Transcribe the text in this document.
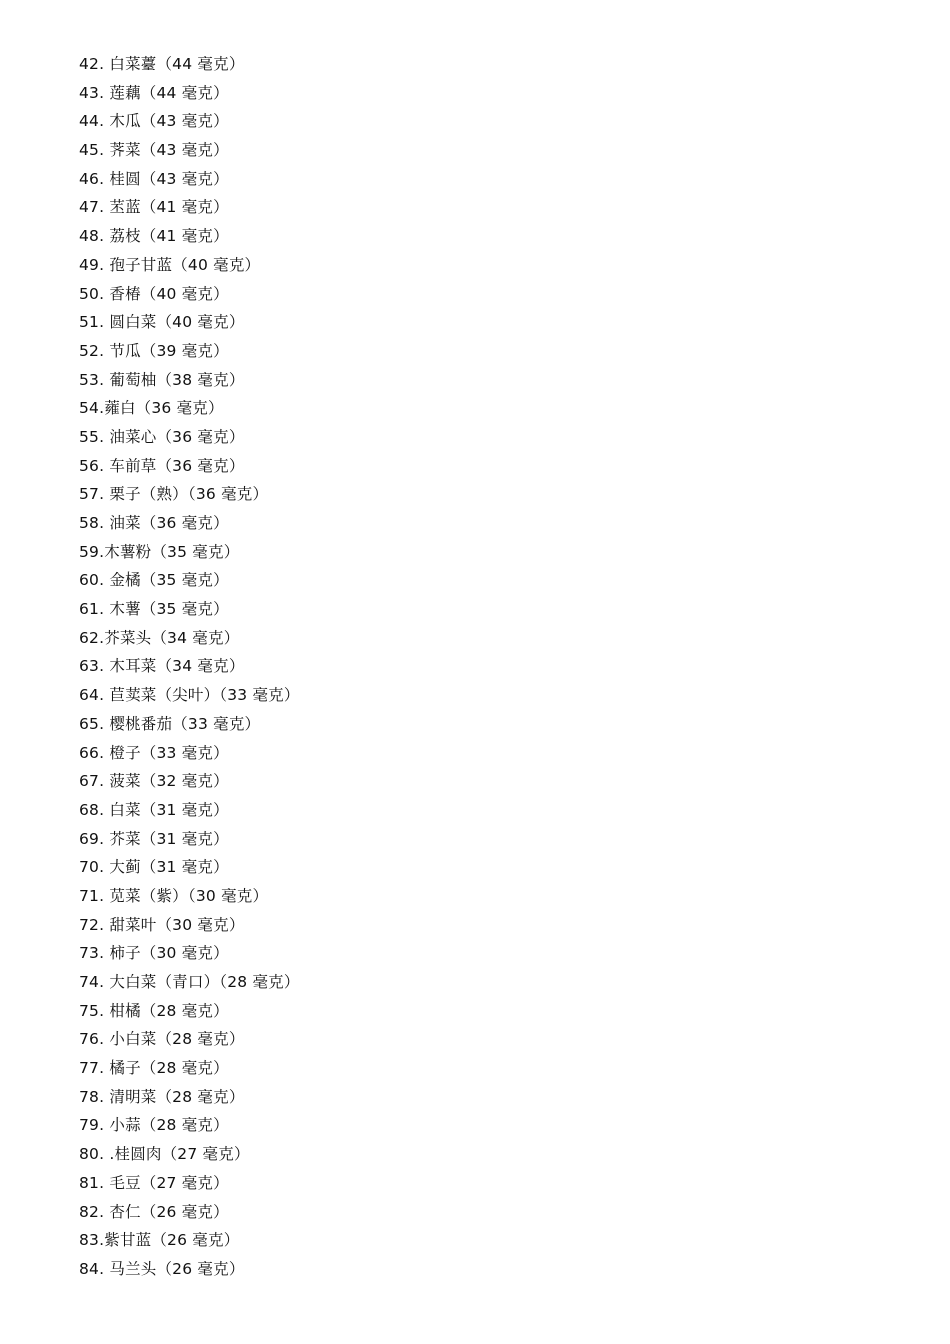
42. 白菜薹（44 毫克）
43. 莲藕（44 毫克）
44. 木瓜（43 毫克）
45. 荠菜（43 毫克）
46. 桂圆（43 毫克）
47. 苤蓝（41 毫克）
48. 荔枝（41 毫克）
49. 孢子甘蓝（40 毫克）
50. 香椿（40 毫克）
51. 圆白菜（40 毫克）
52. 节瓜（39 毫克）
53. 葡萄柚（38 毫克）
54.蕹白（36 毫克）
55. 油菜心（36 毫克）
56. 车前草（36 毫克）
57. 栗子（熟）（36 毫克）
58. 油菜（36 毫克）
59.木薯粉（35 毫克）
60. 金橘（35 毫克）
61. 木薯（35 毫克）
62.芥菜头（34 毫克）
63. 木耳菜（34 毫克）
64. 苣荬菜（尖叶）（33 毫克）
65. 樱桃番茄（33 毫克）
66. 橙子（33 毫克）
67. 菠菜（32 毫克）
68. 白菜（31 毫克）
69. 芥菜（31 毫克）
70. 大蓟（31 毫克）
71. 苋菜（紫）（30 毫克）
72. 甜菜叶（30 毫克）
73. 柿子（30 毫克）
74. 大白菜（青口）（28 毫克）
75. 柑橘（28 毫克）
76. 小白菜（28 毫克）
77. 橘子（28 毫克）
78. 清明菜（28 毫克）
79. 小蒜（28 毫克）
80. .桂圆肉（27 毫克）
81. 毛豆（27 毫克）
82. 杏仁（26 毫克）
83.紫甘蓝（26 毫克）
84. 马兰头（26 毫克）
